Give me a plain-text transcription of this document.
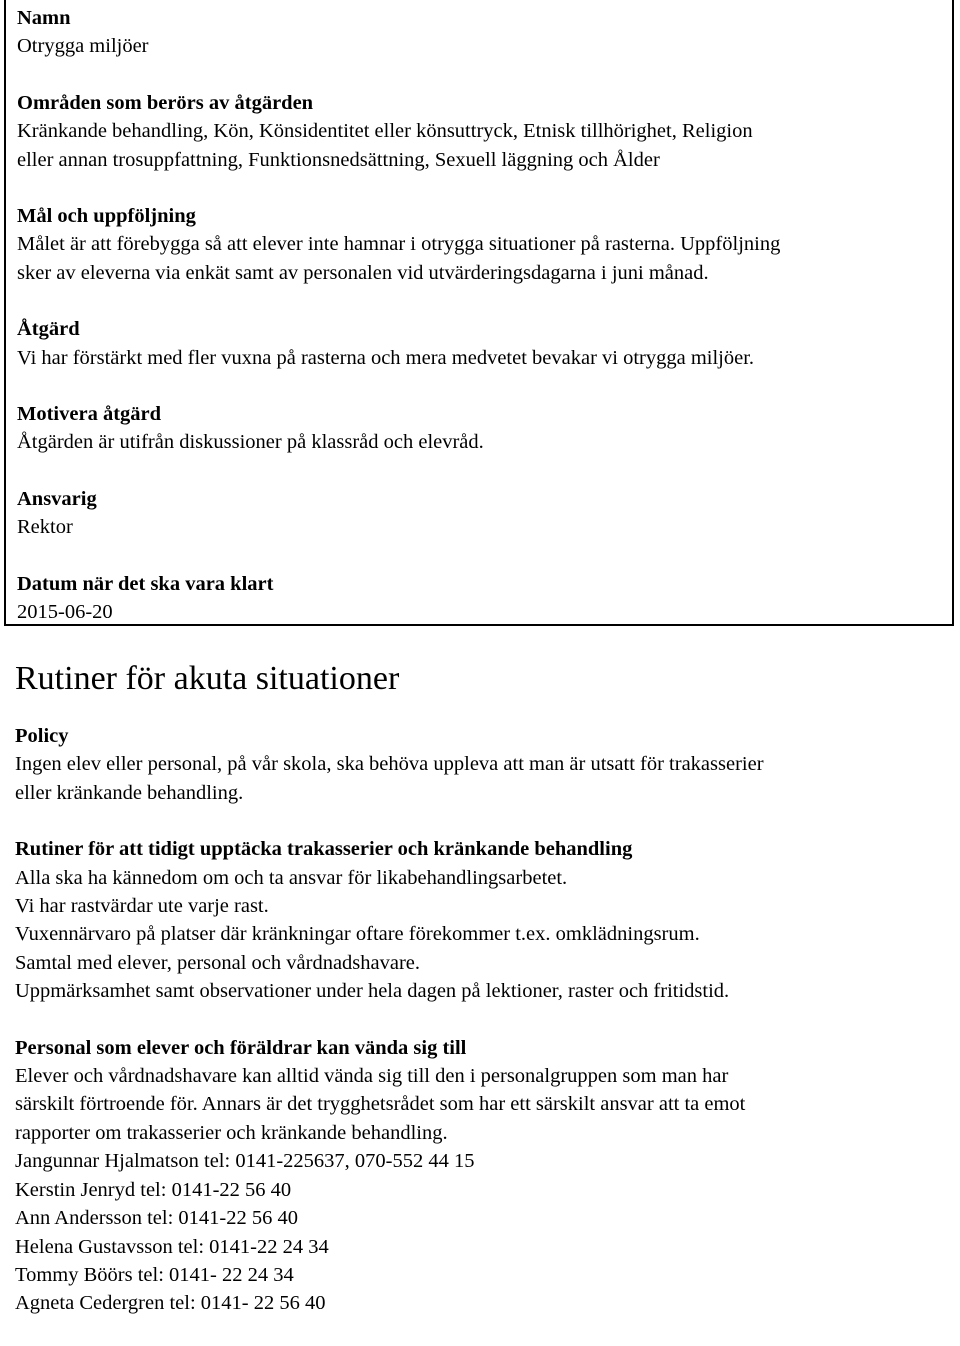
Namn
Otrygga miljöer
Områden som berörs av åtgärden
Kränkande behandling, Kön, Könsidentitet eller könsuttryck, Etnisk tillhörighet, Religion
eller annan trosuppfattning, Funktionsnedsättning, Sexuell läggning och Ålder
Mål och uppföljning
Målet är att förebygga så att elever inte hamnar i otrygga situationer på rasterna. Uppföljning
sker av eleverna via enkät samt av personalen vid utvärderingsdagarna i juni månad.
Åtgärd
Vi har förstärkt med fler vuxna på rasterna och mera medvetet bevakar vi otrygga miljöer.
Motivera åtgärd
Åtgärden är utifrån diskussioner på klassråd och elevråd.
Ansvarig
Rektor
Datum när det ska vara klart
2015-06-20
Rutiner för akuta situationer
Policy
Ingen elev eller personal, på vår skola, ska behöva uppleva att man är utsatt för trakasserier
eller kränkande behandling.
Rutiner för att tidigt upptäcka trakasserier och kränkande behandling
Alla ska ha kännedom om och ta ansvar för likabehandlingsarbetet.
Vi har rastvärdar ute varje rast.
Vuxennärvaro på platser där kränkningar oftare förekommer t.ex. omklädningsrum.
Samtal med elever, personal och vårdnadshavare.
Uppmärksamhet samt observationer under hela dagen på lektioner, raster och fritidstid.
Personal som elever och föräldrar kan vända sig till
Elever och vårdnadshavare kan alltid vända sig till den i personalgruppen som man har
särskilt förtroende för. Annars är det trygghetsrådet som har ett särskilt ansvar att ta emot
rapporter om trakasserier och kränkande behandling.
Jangunnar Hjalmatson tel: 0141-225637, 070-552 44 15
Kerstin Jenryd tel: 0141-22 56 40
Ann Andersson tel: 0141-22 56 40
Helena Gustavsson tel: 0141-22 24 34
Tommy Böörs tel: 0141- 22 24 34
Agneta Cedergren tel: 0141- 22 56 40
